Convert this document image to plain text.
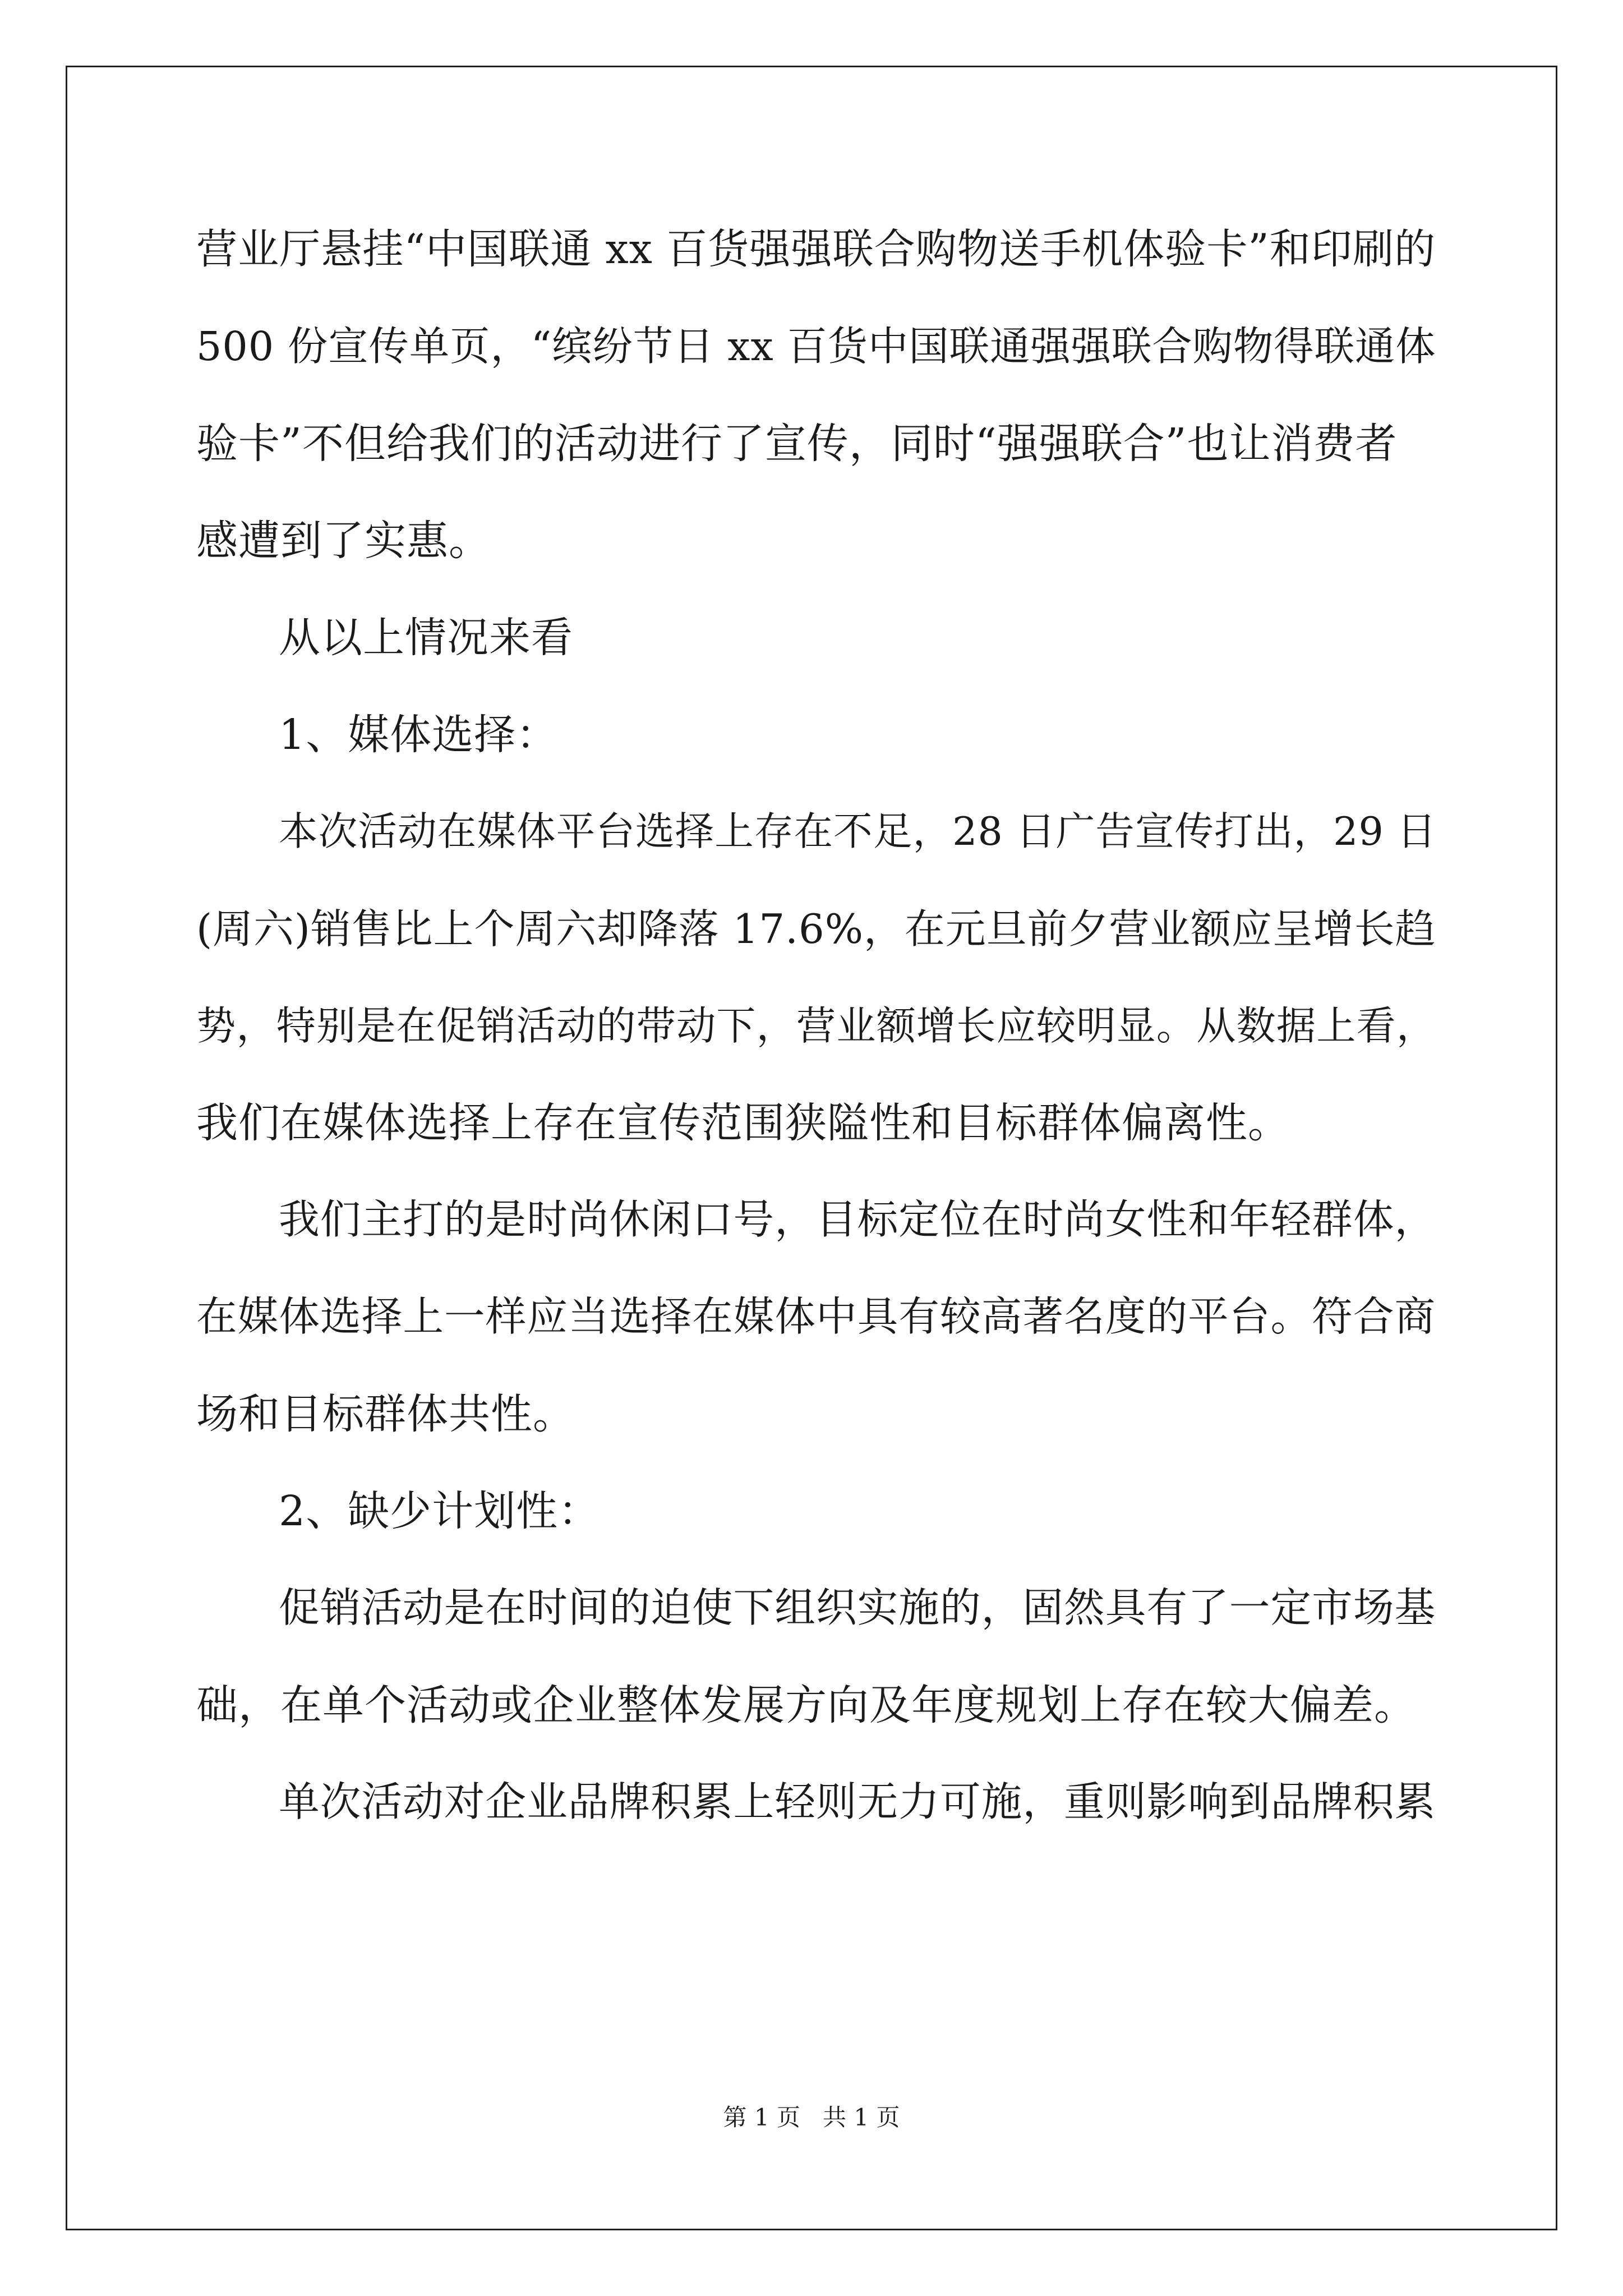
营业厅悬挂“中国联通 xx 百货强强联合购物送手机体验卡”和印刷的
500 份宣传单页，“缤纷节日 xx 百货中国联通强强联合购物得联通体
验卡”不但给我们的活动进行了宣传，同时“强强联合”也让消费者
感遭到了实惠。
从以上情况来看
1、媒体选择：
本次活动在媒体平台选择上存在不足，28 日广告宣传打出，29 日
(周六)销售比上个周六却降落 17.6%，在元旦前夕营业额应呈增长趋
势，特别是在促销活动的带动下，营业额增长应较明显。从数据上看，
我们在媒体选择上存在宣传范围狭隘性和目标群体偏离性。
我们主打的是时尚休闲口号，目标定位在时尚女性和年轻群体，
在媒体选择上一样应当选择在媒体中具有较高著名度的平台。符合商
场和目标群体共性。
2、缺少计划性：
促销活动是在时间的迫使下组织实施的，固然具有了一定市场基
础，在单个活动或企业整体发展方向及年度规划上存在较大偏差。
单次活动对企业品牌积累上轻则无力可施，重则影响到品牌积累
第 1 页   共 1 页
